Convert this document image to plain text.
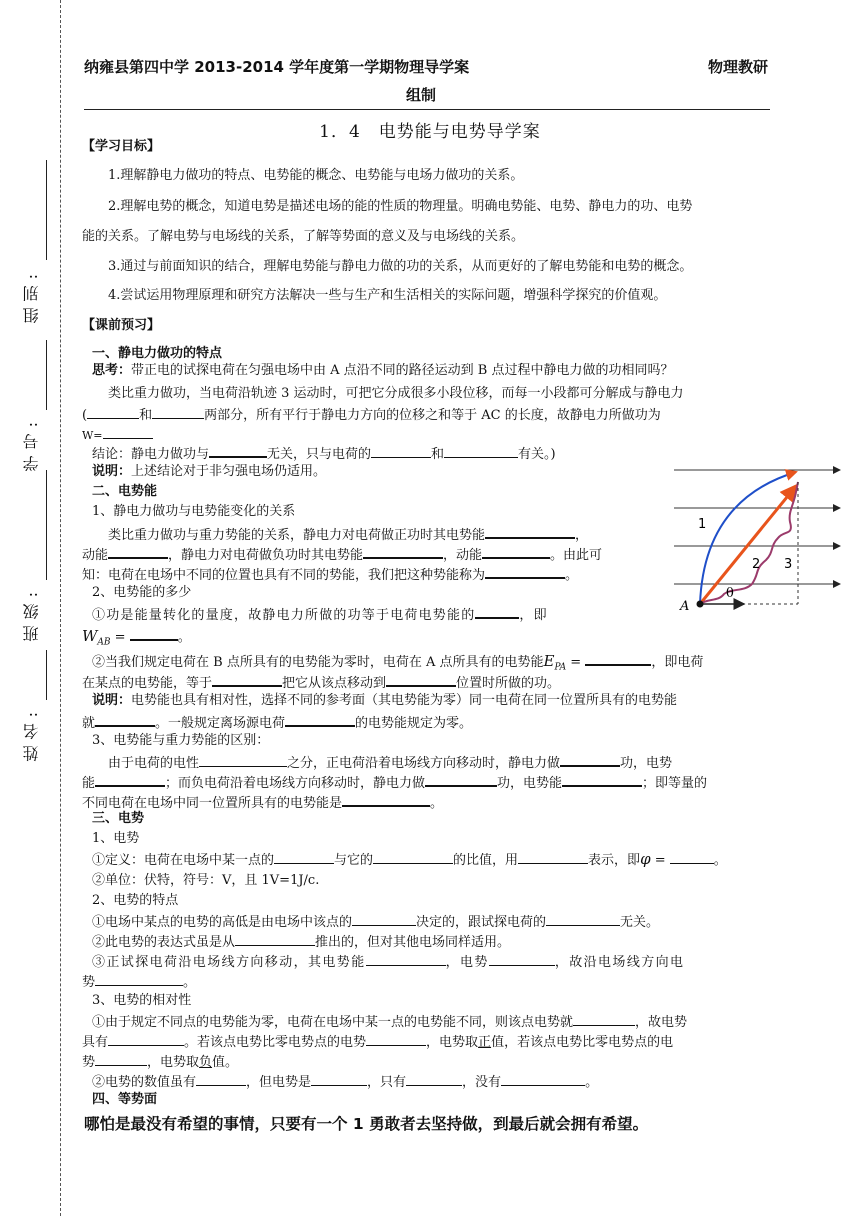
组别:
学号:
班级:
姓名:
纳雍县第四中学 2013-2014 学年度第一学期物理导学案	物理教研
组制
1．4　电势能与电势导学案
【学习目标】
1.理解静电力做功的特点、电势能的概念、电势能与电场力做功的关系。
2.理解电势的概念，知道电势是描述电场的能的性质的物理量。明确电势能、电势、静电力的功、电势
能的关系。了解电势与电场线的关系，了解等势面的意义及与电场线的关系。
3.通过与前面知识的结合，理解电势能与静电力做的功的关系，从而更好的了解电势能和电势的概念。
4.尝试运用物理原理和研究方法解决一些与生产和生活相关的实际问题，增强科学探究的价值观。
【课前预习】
一、静电力做功的特点
思考：带正电的试探电荷在匀强电场中由 A 点沿不同的路径运动到 B 点过程中静电力做的功相同吗？
类比重力做功，当电荷沿轨迹 3 运动时，可把它分成很多小段位移，而每一小段都可分解成与静电力
(	和	两部分，所有平行于静电力方向的位移之和等于 AC 的长度，故静电力所做功为
W=
结论：静电力做功与	无关，只与电荷的	和	有关。)
说明：上述结论对于非匀强电场仍适用。
二、电势能
1、静电力做功与电势能变化的关系
类比重力做功与重力势能的关系，静电力对电荷做正功时其电势能	，
动能	，静电力对电荷做负功时其电势能	，动能	。由此可
知：电荷在电场中不同的位置也具有不同的势能，我们把这种势能称为	。
2、电势能的多少
①功是能量转化的量度，故静电力所做的功等于电荷电势能的	，即
$W_{AB}$ =	。
②当我们规定电荷在 B 点所具有的电势能为零时，电荷在 A 点所具有的电势能$E_{PA}$ =	，即电荷
在某点的电势能，等于	把它从该点移动到	位置时所做的功。
说明：电势能也具有相对性，选择不同的参考面（其电势能为零）同一电荷在同一位置所具有的电势能
就	。一般规定离场源电荷	的电势能规定为零。
3、电势能与重力势能的区别：
由于电荷的电性	之分，正电荷沿着电场线方向移动时，静电力做	功，电势
能	；而负电荷沿着电场线方向移动时，静电力做	功，电势能	；即等量的
不同电荷在电场中同一位置所具有的电势能是	。
三、电势
1、电势
①定义：电荷在电场中某一点的	与它的	的比值，用	表示，即φ =	。
②单位：伏特，符号：V，且 1V=1J/c.
2、电势的特点
①电场中某点的电势的高低是由电场中该点的	决定的，跟试探电荷的	无关。
②此电势的表达式虽是从	推出的，但对其他电场同样适用。
③正试探电荷沿电场线方向移动，其电势能	，电势	，故沿电场线方向电
势	。
3、电势的相对性
①由于规定不同点的电势能为零，电荷在电场中某一点的电势能不同，则该点电势就	，故电势
具有	。若该点电势比零电势点的电势	，电势取正值，若该点电势比零电势点的电
势	，电势取负值。
②电势的数值虽有	，但电势是	，只有	，没有	。
四、等势面
1
2 3
A
θ
哪怕是最没有希望的事情，只要有一个 1 勇敢者去坚持做，到最后就会拥有希望。
